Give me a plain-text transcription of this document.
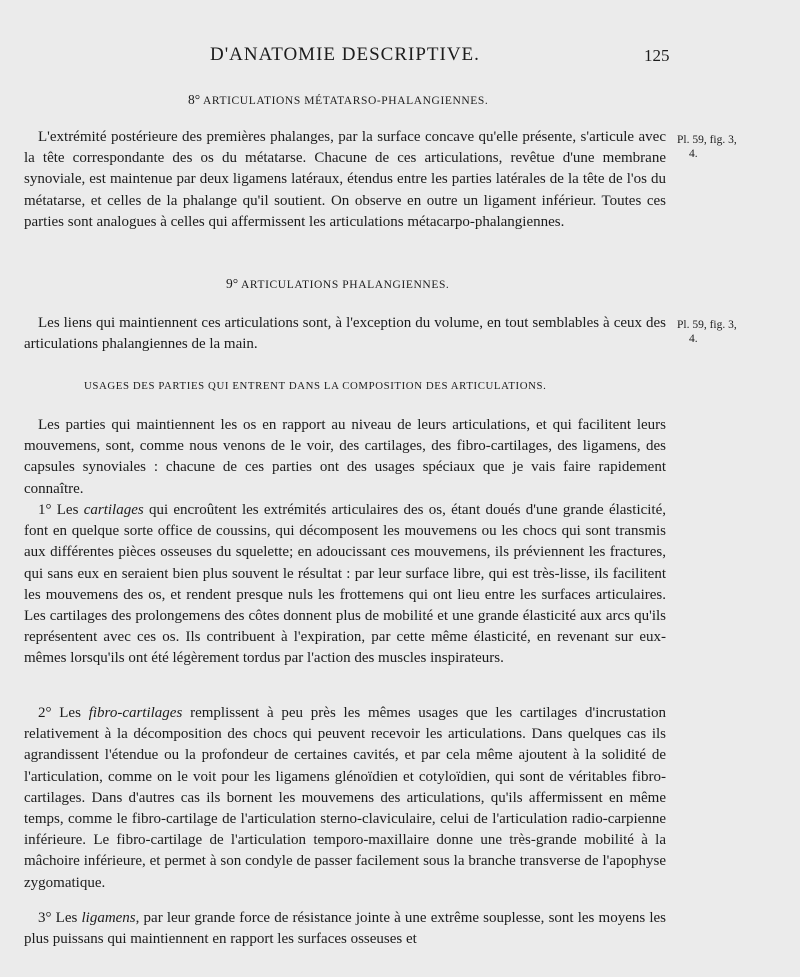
D'ANATOMIE DESCRIPTIVE.	125
8° ARTICULATIONS MÉTATARSO-PHALANGIENNES.

L'extrémité postérieure des premières phalanges, par la surface concave qu'elle présente, s'articule avec la tête correspondante des os du métatarse. Chacune de ces articulations, revêtue d'une membrane synoviale, est maintenue par deux ligamens latéraux, étendus entre les parties latérales de la tête de l'os du métatarse, et celles de la phalange qu'il soutient. On observe en outre un ligament inférieur. Toutes ces parties sont analogues à celles qui affermissent les articulations métacarpo-phalangiennes.

Pl. 59, fig. 3,
4.
9° ARTICULATIONS PHALANGIENNES.

Les liens qui maintiennent ces articulations sont, à l'exception du volume, en tout semblables à ceux des articulations phalangiennes de la main.

Pl. 59, fig. 3,
4.
USAGES DES PARTIES QUI ENTRENT DANS LA COMPOSITION DES ARTICULATIONS.

Les parties qui maintiennent les os en rapport au niveau de leurs articulations, et qui facilitent leurs mouvemens, sont, comme nous venons de le voir, des cartilages, des fibro-cartilages, des ligamens, des capsules synoviales : chacune de ces parties ont des usages spéciaux que je vais faire rapidement connaître.

1° Les cartilages qui encroûtent les extrémités articulaires des os, étant doués d'une grande élasticité, font en quelque sorte office de coussins, qui décomposent les mouvemens ou les chocs qui sont transmis aux différentes pièces osseuses du squelette; en adoucissant ces mouvemens, ils préviennent les fractures, qui sans eux en seraient bien plus souvent le résultat : par leur surface libre, qui est très-lisse, ils facilitent les mouvemens des os, et rendent presque nuls les frottemens qui ont lieu entre les surfaces articulaires. Les cartilages des prolongemens des côtes donnent plus de mobilité et une grande élasticité aux arcs qu'ils représentent avec ces os. Ils contribuent à l'expiration, par cette même élasticité, en revenant sur eux-mêmes lorsqu'ils ont été légèrement tordus par l'action des muscles inspirateurs.

2° Les fibro-cartilages remplissent à peu près les mêmes usages que les cartilages d'incrustation relativement à la décomposition des chocs qui peuvent recevoir les articulations. Dans quelques cas ils agrandissent l'étendue ou la profondeur de certaines cavités, et par cela même ajoutent à la solidité de l'articulation, comme on le voit pour les ligamens glénoïdien et cotyloïdien, qui sont de véritables fibro-cartilages. Dans d'autres cas ils bornent les mouvemens des articulations, qu'ils affermissent en même temps, comme le fibro-cartilage de l'articulation sterno-claviculaire, celui de l'articulation radio-carpienne inférieure. Le fibro-cartilage de l'articulation temporo-maxillaire donne une très-grande mobilité à la mâchoire inférieure, et permet à son condyle de passer facilement sous la branche transverse de l'apophyse zygomatique.

3° Les ligamens, par leur grande force de résistance jointe à une extrême souplesse, sont les moyens les plus puissans qui maintiennent en rapport les surfaces osseuses et
